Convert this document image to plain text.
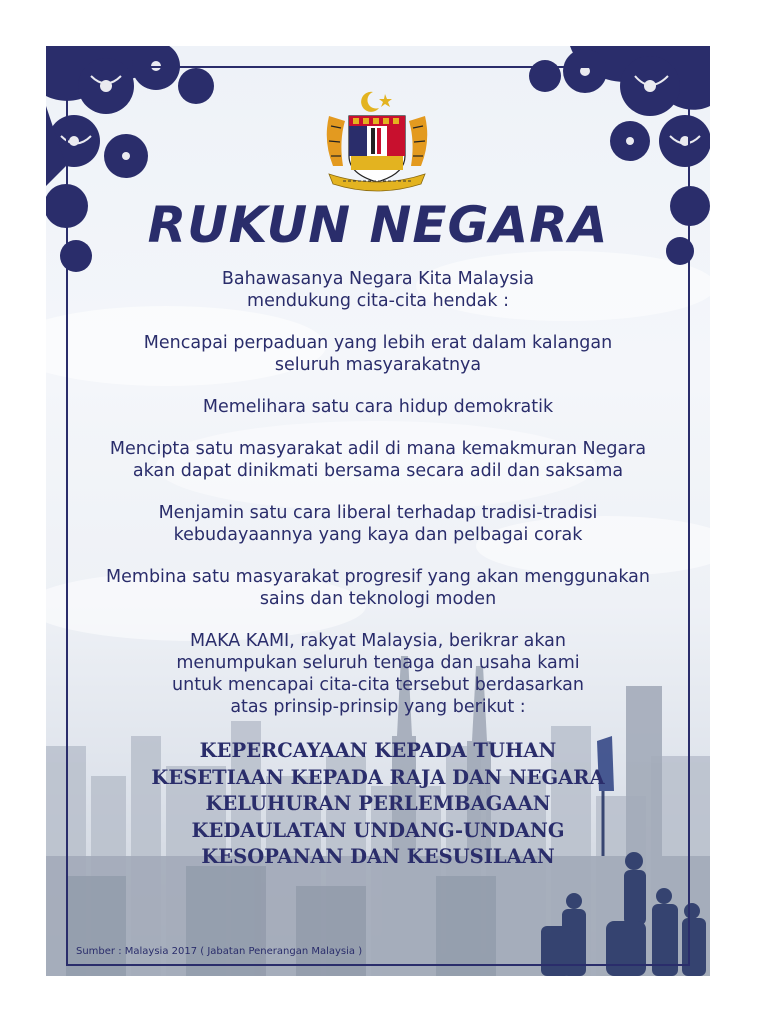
RUKUN NEGARA
Bahawasanya Negara Kita Malaysia
mendukung cita-cita hendak :
Mencapai perpaduan yang lebih erat dalam kalangan
seluruh masyarakatnya
Memelihara satu cara hidup demokratik
Mencipta satu masyarakat adil di mana kemakmuran Negara
akan dapat dinikmati bersama secara adil dan saksama
Menjamin satu cara liberal terhadap tradisi-tradisi
kebudayaannya yang kaya dan pelbagai corak
Membina satu masyarakat progresif yang akan menggunakan
sains dan teknologi moden
MAKA KAMI, rakyat Malaysia, berikrar akan
menumpukan seluruh tenaga dan usaha kami
untuk mencapai cita-cita tersebut berdasarkan
atas prinsip-prinsip yang berikut :
KEPERCAYAAN KEPADA TUHAN
KESETIAAN KEPADA RAJA DAN NEGARA
KELUHURAN PERLEMBAGAAN
KEDAULATAN UNDANG-UNDANG
KESOPANAN DAN KESUSILAAN
Sumber : Malaysia 2017 ( Jabatan Penerangan Malaysia )
